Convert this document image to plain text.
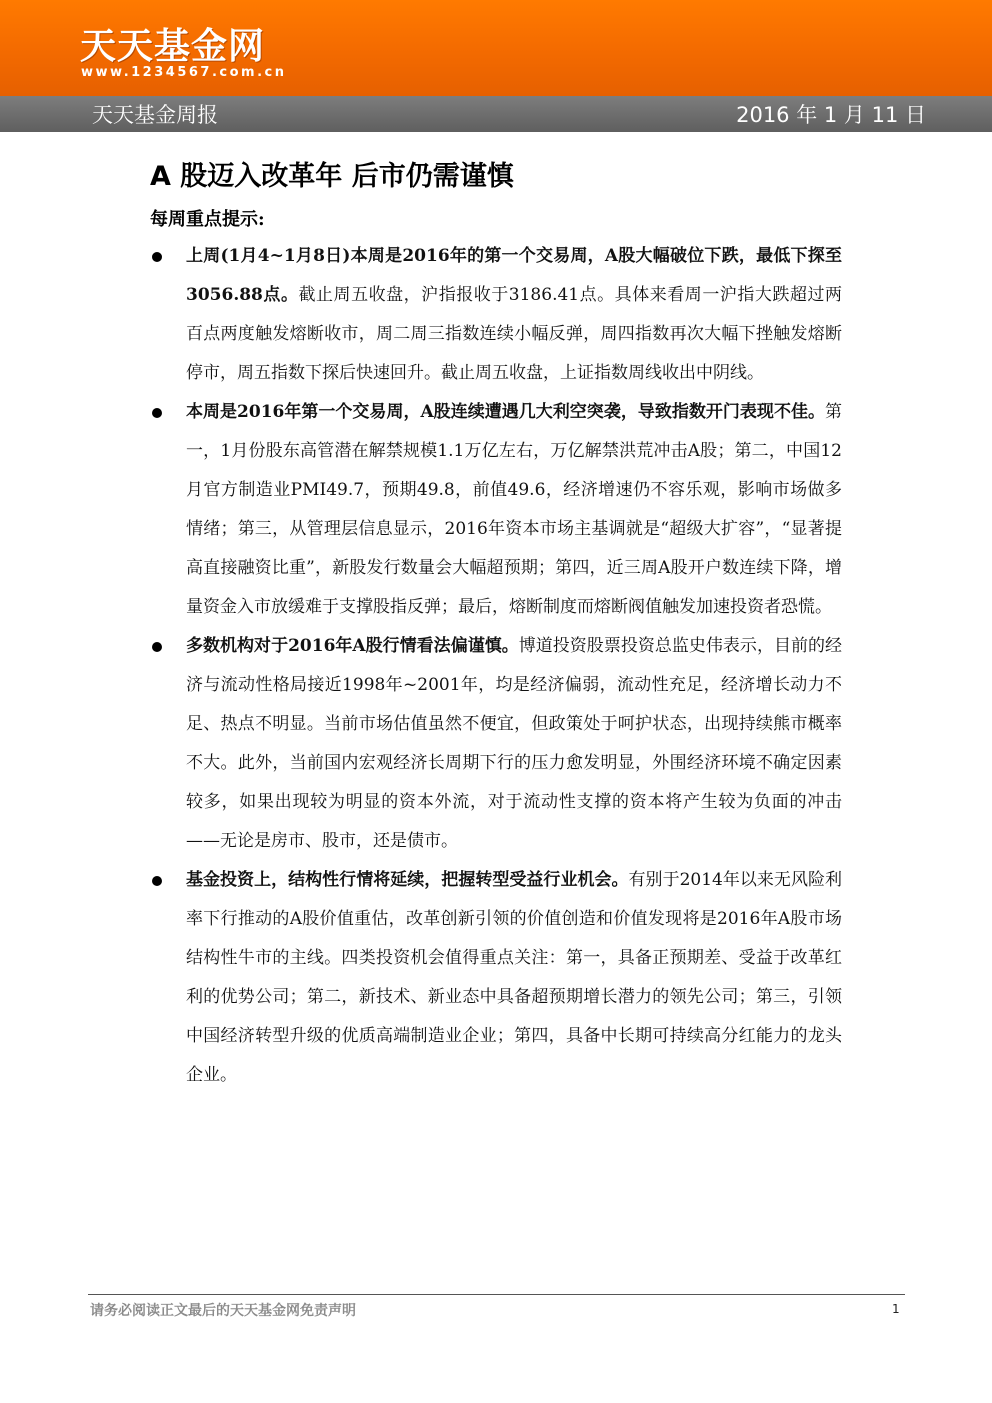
天天基金网
www.1234567.com.cn
天天基金周报	2016 年 1 月 11 日
A 股迈入改革年 后市仍需谨慎
每周重点提示:
上周(1月4~1月8日)本周是2016年的第一个交易周，A股大幅破位下跌，最低下探至3056.88点。截止周五收盘，沪指报收于3186.41点。具体来看周一沪指大跌超过两百点两度触发熔断收市，周二周三指数连续小幅反弹，周四指数再次大幅下挫触发熔断停市，周五指数下探后快速回升。截止周五收盘，上证指数周线收出中阴线。
本周是2016年第一个交易周，A股连续遭遇几大利空突袭，导致指数开门表现不佳。第一，1月份股东高管潜在解禁规模1.1万亿左右，万亿解禁洪荒冲击A股；第二，中国12月官方制造业PMI49.7，预期49.8，前值49.6，经济增速仍不容乐观，影响市场做多情绪；第三，从管理层信息显示，2016年资本市场主基调就是“超级大扩容”，“显著提高直接融资比重”，新股发行数量会大幅超预期；第四，近三周A股开户数连续下降，增量资金入市放缓难于支撑股指反弹；最后，熔断制度而熔断阀值触发加速投资者恐慌。
多数机构对于2016年A股行情看法偏谨慎。博道投资股票投资总监史伟表示，目前的经济与流动性格局接近1998年~2001年，均是经济偏弱，流动性充足，经济增长动力不足、热点不明显。当前市场估值虽然不便宜，但政策处于呵护状态，出现持续熊市概率不大。此外，当前国内宏观经济长周期下行的压力愈发明显，外围经济环境不确定因素较多，如果出现较为明显的资本外流，对于流动性支撑的资本将产生较为负面的冲击——无论是房市、股市，还是债市。
基金投资上，结构性行情将延续，把握转型受益行业机会。有别于2014年以来无风险利率下行推动的A股价值重估，改革创新引领的价值创造和价值发现将是2016年A股市场结构性牛市的主线。四类投资机会值得重点关注：第一，具备正预期差、受益于改革红利的优势公司；第二，新技术、新业态中具备超预期增长潜力的领先公司；第三，引领中国经济转型升级的优质高端制造业企业；第四，具备中长期可持续高分红能力的龙头企业。
请务必阅读正文最后的天天基金网免责声明	1
